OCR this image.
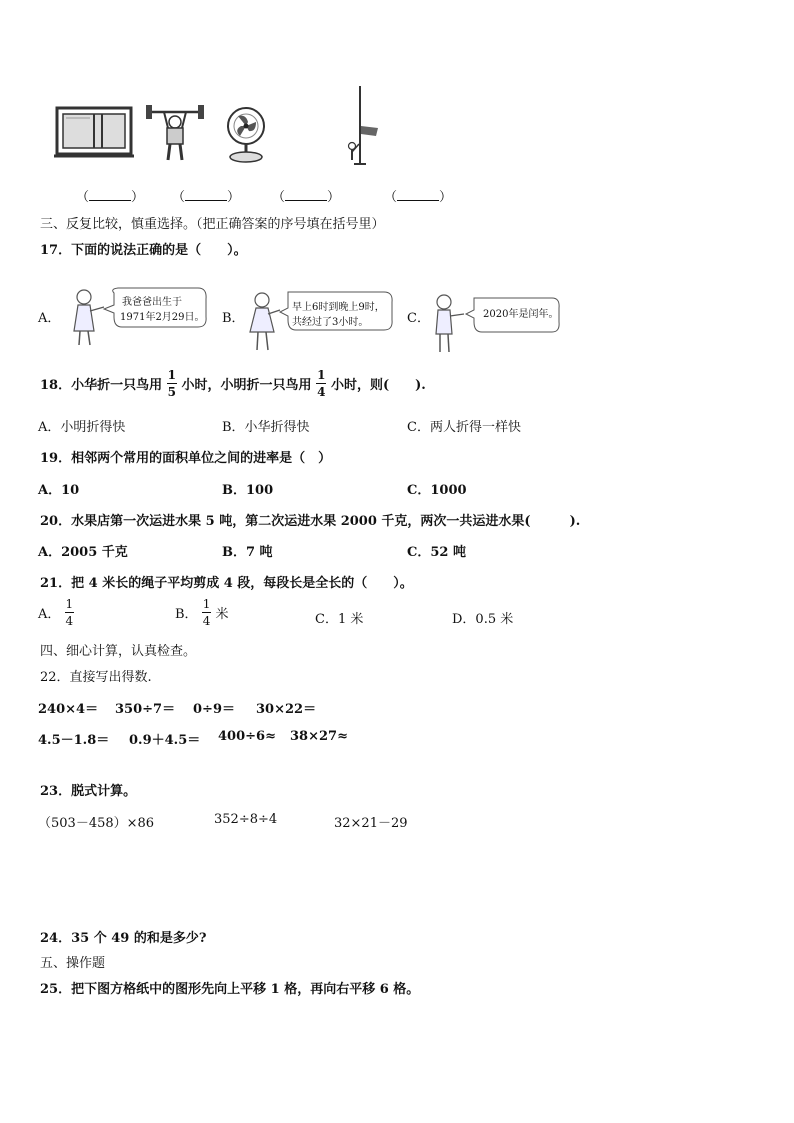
（	） （	） （	）	（	）
三、反复比较，慎重选择。（把正确答案的序号填在括号里）
17．下面的说法正确的是（　　）。
A．
我爸爸出生于
1971年2月29日。 B．
早上6时到晚上9时，
共经过了3小时。	C．	2020年是闰年。
18．小华折一只鸟用 $\frac{1}{5}$ 小时，小明折一只鸟用 $\frac{1}{4}$ 小时，则(　　).
A．小明折得快	B．小华折得快	C．两人折得一样快
19．相邻两个常用的面积单位之间的进率是（　）
A．10	B．100	C．1000
20．水果店第一次运进水果 5 吨，第二次运进水果 2000 千克，两次一共运进水果(　　　).
A．2005 千克	B．7 吨	C．52 吨
21．把 4 米长的绳子平均剪成 4 段，每段长是全长的（　　）。
A． $\frac{1}{4}$	B． $\frac{1}{4}$ 米	C．1 米	D．0.5 米
四、细心计算，认真检查。
22．直接写出得数.
240×4＝ 350÷7＝ 0÷9＝ 30×22＝
4.5－1.8＝ 0.9＋4.5＝ 400÷6≈ 38×27≈
23．脱式计算。
（503－458）×86	352÷8÷4	32×21－29
24．35 个 49 的和是多少?
五、操作题
25．把下图方格纸中的图形先向上平移 1 格，再向右平移 6 格。
